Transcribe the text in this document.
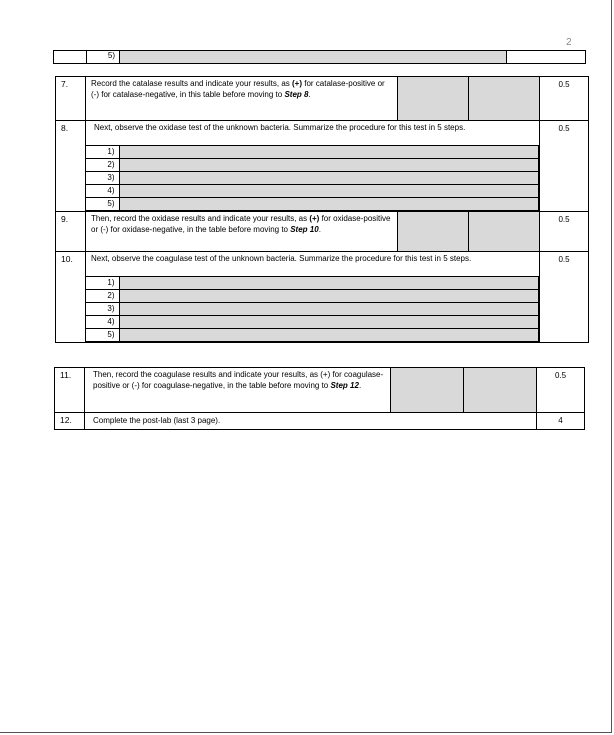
2
	5)		
7.	Record the catalase results and indicate your results, as (+) for catalase-positive or (-) for catalase-negative, in this table before moving to Step 8.			0.5
8.	Next, observe the oxidase test of the unknown bacteria. Summarize the procedure for this test in 5 steps.
1)	
2)	
3)	
4)	
5)	
	0.5
9.	Then, record the oxidase results and indicate your results, as (+) for oxidase-positive or (-) for oxidase-negative, in the table before moving to Step 10.			0.5
10.	Next, observe the coagulase test of the unknown bacteria. Summarize the procedure for this test in 5 steps.
1)	
2)	
3)	
4)	
5)	
	0.5
11.	Then, record the coagulase results and indicate your results, as (+) for coagulase-positive or (-) for coagulase-negative, in the table before moving to Step 12.			0.5
12.	Complete the post-lab (last 3 page).			4
